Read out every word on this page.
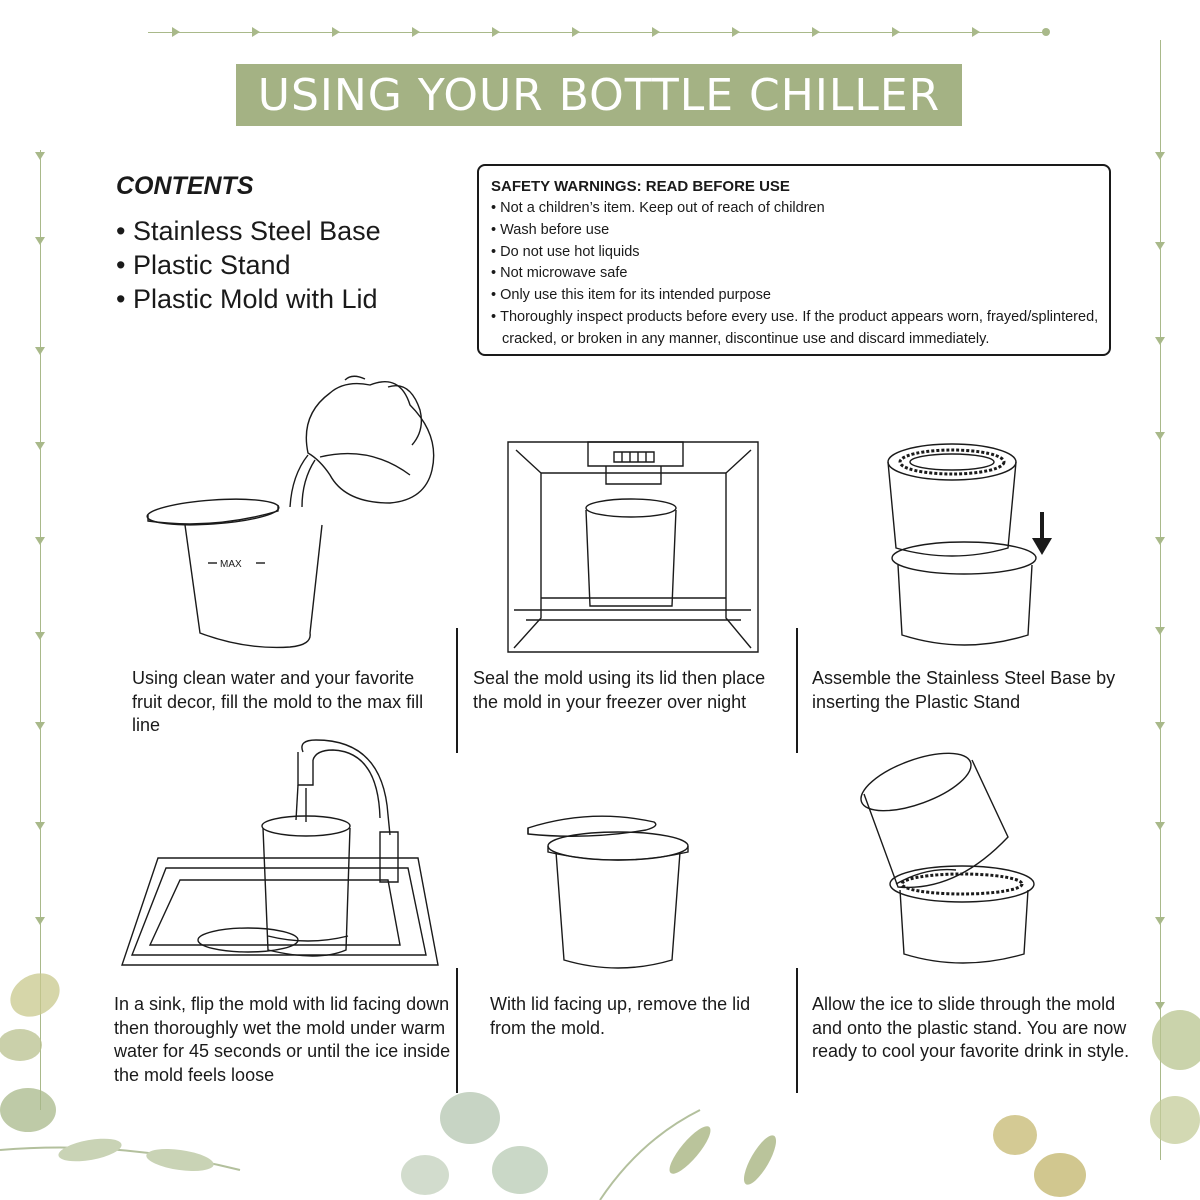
USING YOUR BOTTLE CHILLER
CONTENTS
• Stainless Steel Base
• Plastic Stand
• Plastic Mold with Lid
SAFETY WARNINGS: READ BEFORE USE
• Not a children’s item. Keep out of reach of children
• Wash before use
• Do not use hot liquids
• Not microwave safe
• Only use this item for its intended purpose
• Thoroughly inspect products before every use. If the product appears worn, frayed/splintered, cracked, or broken in any manner, discontinue use and discard immediately.
MAX
Using clean water and your favorite fruit decor, fill the mold to the max fill line
Seal the mold using its lid then place the mold in your freezer over night
Assemble the Stainless Steel Base by inserting the Plastic Stand
In a sink, flip the mold with lid facing down then thoroughly wet the mold under warm water for 45 seconds or until the ice inside the mold feels loose
With lid facing up, remove the lid from the mold.
Allow the ice to slide through the mold and onto the plastic stand. You are now ready to cool your favorite drink in style.
